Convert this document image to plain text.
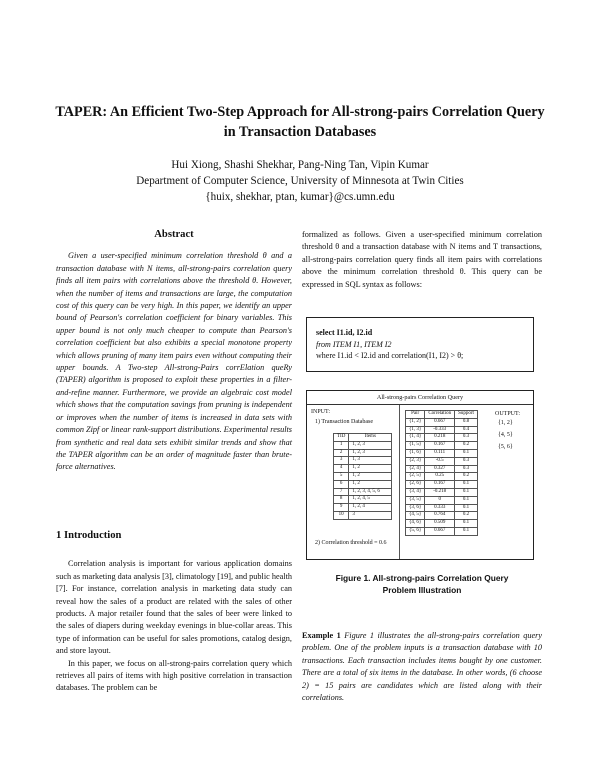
TAPER: An Efficient Two-Step Approach for All-strong-pairs Correlation Query
in Transaction Databases
Hui Xiong, Shashi Shekhar, Pang-Ning Tan, Vipin Kumar
Department of Computer Science, University of Minnesota at Twin Cities
{huix, shekhar, ptan, kumar}@cs.umn.edu
Abstract
Given a user-specified minimum correlation threshold θ and a transaction database with N items, all-strong-pairs correlation query finds all item pairs with correlations above the threshold θ. However, when the number of items and transactions are large, the computation cost of this query can be very high. In this paper, we identify an upper bound of Pearson's correlation coefficient for binary variables. This upper bound is not only much cheaper to compute than Pearson's correlation coefficient but also exhibits a special monotone property which allows pruning of many item pairs even without computing their upper bounds. A Two-step All-strong-Pairs corrElation queRy (TAPER) algorithm is proposed to exploit these properties in a filter-and-refine manner. Furthermore, we provide an algebraic cost model which shows that the computation savings from pruning is independent or improves when the number of items is increased in data sets with common Zipf or linear rank-support distributions. Experimental results from synthetic and real data sets exhibit similar trends and show that the TAPER algorithm can be an order of magnitude faster than brute-force alternatives.
1 Introduction
Correlation analysis is important for various application domains such as marketing data analysis [3], climatology [19], and public health [7]. For instance, correlation analysis in marketing data study can reveal how the sales of a product are related with the sales of other products. A major retailer found that the sales of beer were linked to the sales of diapers during weekday evenings in blue-collar areas. This type of information can be useful for sales promotions, catalog design, and store layout.
In this paper, we focus on all-strong-pairs correlation query which retrieves all pairs of items with high positive correlation in transaction databases. The problem can be
formalized as follows. Given a user-specified minimum correlation threshold θ and a transaction database with N items and T transactions, all-strong-pairs correlation query finds all item pairs with correlations above the minimum correlation threshold θ. This query can be expressed in SQL syntax as follows:
select I1.id, I2.id
from ITEM I1, ITEM I2
where I1.id < I2.id and correlation(I1, I2) > θ;
All-strong-pairs Correlation Query
INPUT:
1) Transaction Database
TID	Items
1	1, 2, 3
2	1, 2, 3
3	1, 3
4	1, 2
5	1, 2
6	1, 2
7	1, 2, 3, 4, 5, 6
8	1, 2, 4, 5
9	1, 2, 4
10	3
2) Correlation threshold = 0.6
Pair	Correlation	Support
{1, 2}	0.667	0.8
{1, 3}	-0.333	0.4
{1, 4}	0.218	0.3
{1, 5}	0.167	0.2
{1, 6}	0.111	0.1
{2, 3}	-0.5	0.3
{2, 4}	0.327	0.3
{2, 5}	0.25	0.2
{2, 6}	0.167	0.1
{3, 4}	-0.218	0.1
{3, 5}	0	0.1
{3, 6}	0.333	0.1
{4, 5}	0.764	0.2
{4, 6}	0.509	0.1
{5, 6}	0.667	0.1
OUTPUT:
{1, 2}
{4, 5}
{5, 6}
Figure 1. All-strong-pairs Correlation Query
Problem Illustration
Example 1 Figure 1 illustrates the all-strong-pairs correlation query problem. One of the problem inputs is a transaction database with 10 transactions. Each transaction includes items bought by one customer. There are a total of six items in the database. In other words, (6 choose 2) = 15 pairs are candidates which are listed along with their correlations.
